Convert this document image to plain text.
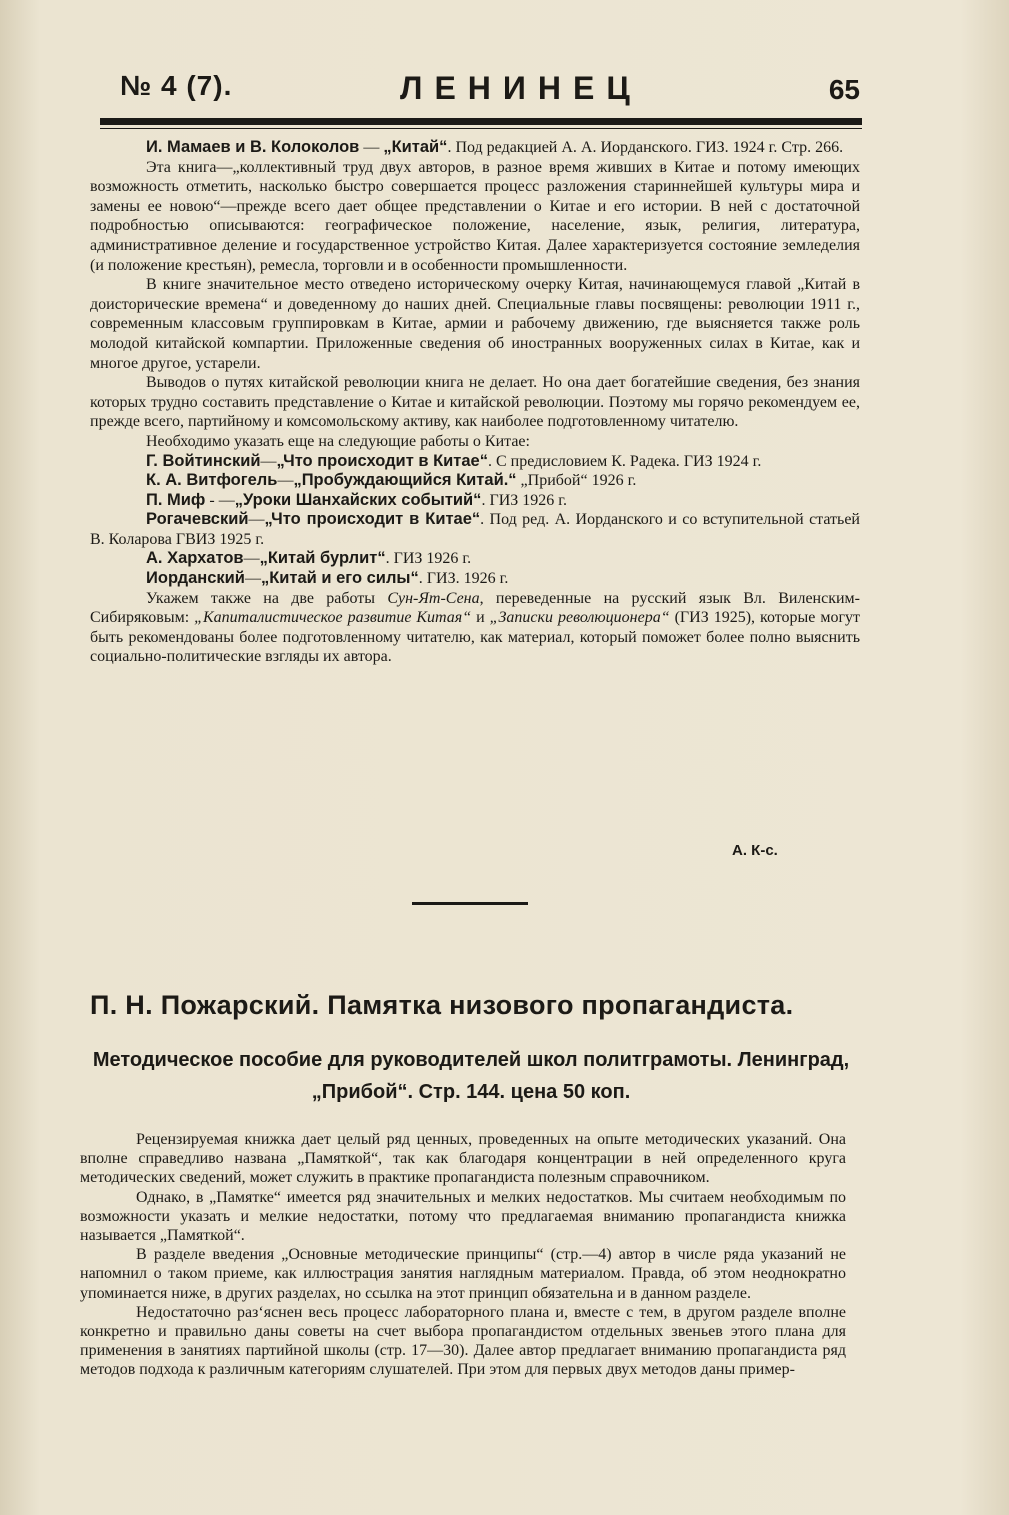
№ 4 (7).	ЛЕНИНЕЦ	65

И. Мамаев и В. Колоколов — „Китай“. Под редакцией А. А. Иорданского. ГИЗ. 1924 г. Стр. 266.

Эта книга—„коллективный труд двух авторов, в разное время живших в Китае и потому имеющих возможность отметить, насколько быстро совершается процесс разложения стариннейшей культуры мира и замены ее новою“—прежде всего дает общее представлении о Китае и его истории. В ней с достаточной подробностью описываются: географическое положение, население, язык, религия, литература, административное деление и государственное устройство Китая. Далее характеризуется состояние земледелия (и положение крестьян), ремесла, торговли и в особенности промышленности.

В книге значительное место отведено историческому очерку Китая, начинающемуся главой „Китай в доисторические времена“ и доведенному до наших дней. Специальные главы посвящены: революции 1911 г., современным классовым группировкам в Китае, армии и рабочему движению, где выясняется также роль молодой китайской компартии. Приложенные сведения об иностранных вооруженных силах в Китае, как и многое другое, устарели.

Выводов о путях китайской революции книга не делает. Но она дает богатейшие сведения, без знания которых трудно составить представление о Китае и китайской революции. Поэтому мы горячо рекомендуем ее, прежде всего, партийному и комсомольскому активу, как наиболее подготовленному читателю.

Необходимо указать еще на следующие работы о Китае:

Г. Войтинский—„Что происходит в Китае“. С предисловием К. Радека. ГИЗ 1924 г.

К. А. Витфогель—„Пробуждающийся Китай.“ „Прибой“ 1926 г.

П. Миф - —„Уроки Шанхайских событий“. ГИЗ 1926 г.

Рогачевский—„Что происходит в Китае“. Под ред. А. Иорданского и со вступительной статьей В. Коларова ГВИЗ 1925 г.

А. Хархатов—„Китай бурлит“. ГИЗ 1926 г.

Иорданский—„Китай и его силы“. ГИЗ. 1926 г.

Укажем также на две работы Сун-Ят-Сена, переведенные на русский язык Вл. Виленским-Сибиряковым: „Капиталистическое развитие Китая“ и „Записки революционера“ (ГИЗ 1925), которые могут быть рекомендованы более подготовленному читателю, как материал, который поможет более полно выяснить социально-политические взгляды их автора.

А. К-с.
П. Н. Пожарский. Памятка низового пропагандиста.
Методическое пособие для руководителей школ политграмоты. Ленинград, „Прибой“. Стр. 144. цена 50 коп.

Рецензируемая книжка дает целый ряд ценных, проведенных на опыте методических указаний. Она вполне справедливо названа „Памяткой“, так как благодаря концентрации в ней определенного круга методических сведений, может служить в практике пропагандиста полезным справочником.

Однако, в „Памятке“ имеется ряд значительных и мелких недостатков. Мы считаем необходимым по возможности указать и мелкие недостатки, потому что предлагаемая вниманию пропагандиста книжка называется „Памяткой“.

В разделе введения „Основные методические принципы“ (стр.—4) автор в числе ряда указаний не напомнил о таком приеме, как иллюстрация занятия наглядным материалом. Правда, об этом неоднократно упоминается ниже, в других разделах, но ссылка на этот принцип обязательна и в данном разделе.

Недостаточно раз‘яснен весь процесс лабораторного плана и, вместе с тем, в другом разделе вполне конкретно и правильно даны советы на счет выбора пропагандистом отдельных звеньев этого плана для применения в занятиях партийной школы (стр. 17—30). Далее автор предлагает вниманию пропагандиста ряд методов подхода к различным категориям слушателей. При этом для первых двух методов даны пример-
